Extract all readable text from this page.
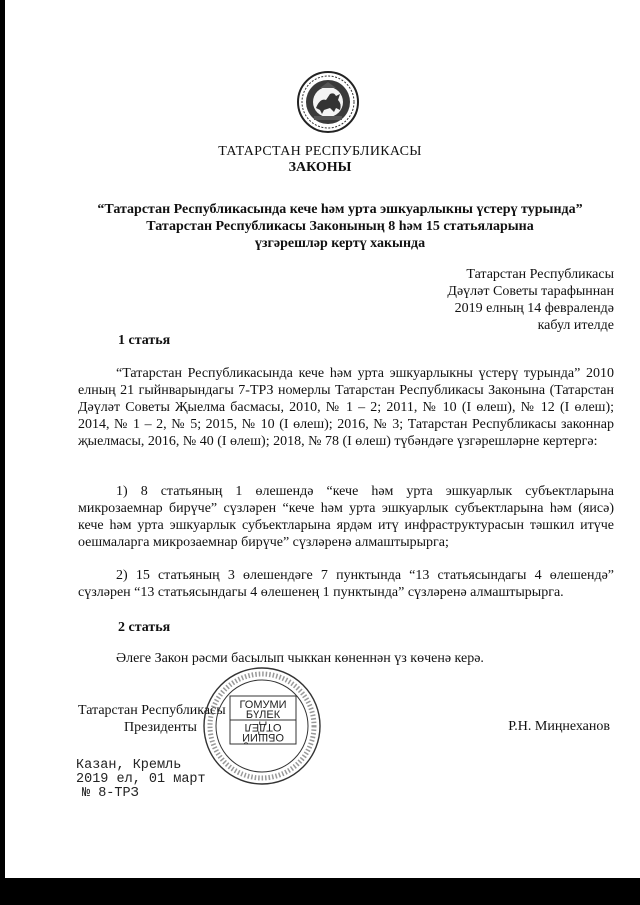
ТАТАРСТАН РЕСПУБЛИКАСЫ
ЗАКОНЫ
“Татарстан Республикасында кече һәм урта эшкуарлыкны үстерү турында”
Татарстан Республикасы Законының 8 һәм 15 статьяларына
үзгәрешләр кертү хакында
Татарстан Республикасы
Дәүләт Советы тарафыннан
2019 елның 14 февралендә
кабул ителде
1 статья
“Татарстан Республикасында кече һәм урта эшкуарлыкны үстерү турында” 2010 елның 21 гыйнварындагы 7-ТРЗ номерлы Татарстан Республикасы Законына (Татарстан Дәүләт Советы Җыелма басмасы, 2010, № 1 – 2; 2011, № 10 (I өлеш), № 12 (I өлеш); 2014, № 1 – 2, № 5; 2015, № 10 (I өлеш); 2016, № 3; Татарстан Республикасы законнар җыелмасы, 2016, № 40 (I өлеш); 2018, № 78 (I өлеш) түбәндәге үзгәрешләрне кертергә:
1) 8 статьяның 1 өлешендә “кече һәм урта эшкуарлык субъектларына микрозаемнар бирүче” сүзләрен “кече һәм урта эшкуарлык субъектларына һәм (яисә) кече һәм урта эшкуарлык субъектларына ярдәм итү инфраструктурасын тәшкил итүче оешмаларга микрозаемнар бирүче” сүзләренә алмаштырырга;
2) 15 статьяның 3 өлешендәге 7 пунктында “13 статьясындагы 4 өлешендә” сүзләрен “13 статьясындагы 4 өлешенең 1 пунктында” сүзләренә алмаштырырга.
2 статья
Әлеге Закон рәсми басылып чыккан көненнән үз көченә керә.
Татарстан Республикасы
Президенты	Р.Н. Миңнеханов
ГОМУМИ
БҮЛЕК
ОБЩИЙ
ОТДЕЛ
Казан, Кремль
2019 ел, 01 март
№ 8-ТРЗ
